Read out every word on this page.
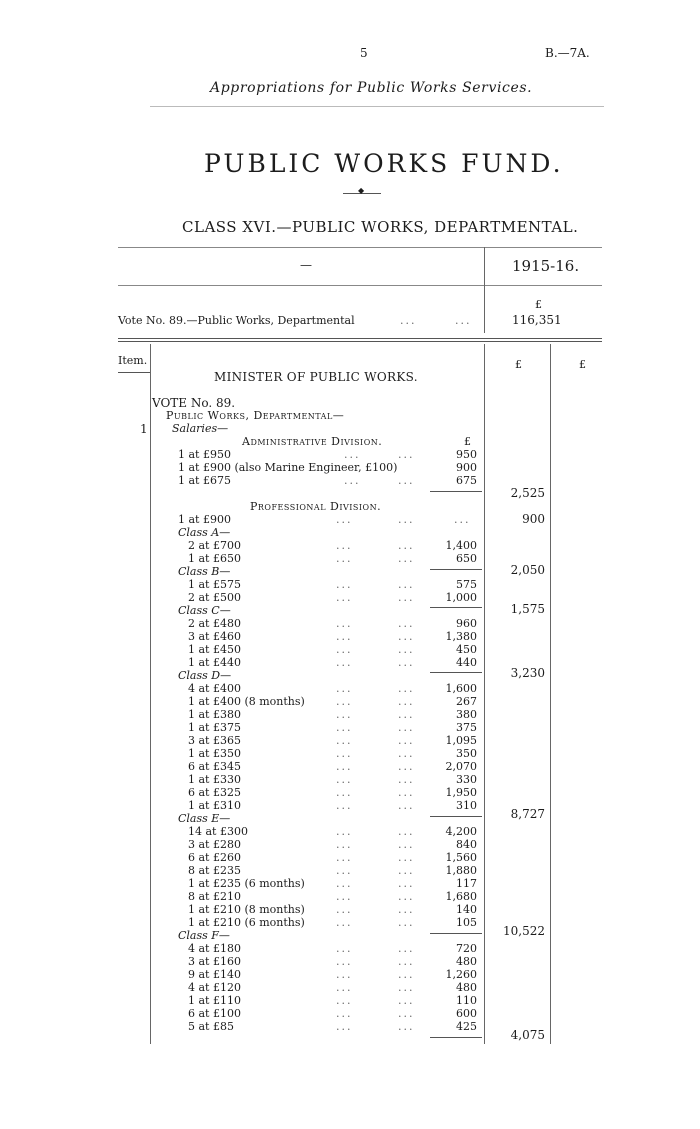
5	B.—7A.
Appropriations for Public Works Services.
PUBLIC WORKS FUND.
◆
CLASS XVI.—PUBLIC WORKS, DEPARTMENTAL.
—	1915-16.
£
Vote No. 89.—Public Works, Departmental	...	...	116,351
Item.	£	£
MINISTER OF PUBLIC WORKS.
VOTE No. 89.
Public Works, Departmental—
1 Salaries—
Administrative Division.	£
1 at £950	...	...	950
1 at £900 (also Marine Engineer, £100)	900
1 at £675	...	...	675
2,525
Professional Division.
1 at £900	...	...	...	900
Class A—
2 at £700	...	...	1,400
1 at £650	...	...	650
2,050
Class B—
1 at £575	...	...	575
2 at £500	...	...	1,000
1,575
Class C—
2 at £480	...	...	960
3 at £460	...	...	1,380
1 at £450	...	...	450
1 at £440	...	...	440
3,230
Class D—
4 at £400	...	...	1,600
1 at £400 (8 months)	...	...	267
1 at £380	...	...	380
1 at £375	...	...	375
3 at £365	...	...	1,095
1 at £350	...	...	350
6 at £345	...	...	2,070
1 at £330	...	...	330
6 at £325	...	...	1,950
1 at £310	...	...	310
8,727
Class E—
14 at £300	...	...	4,200
3 at £280	...	...	840
6 at £260	...	...	1,560
8 at £235	...	...	1,880
1 at £235 (6 months)	...	...	117
8 at £210	...	...	1,680
1 at £210 (8 months)	...	...	140
1 at £210 (6 months)	...	...	105
10,522
Class F—
4 at £180	...	...	720
3 at £160	...	...	480
9 at £140	...	...	1,260
4 at £120	...	...	480
1 at £110	...	...	110
6 at £100	...	...	600
5 at £85	...	...	425
4,075
